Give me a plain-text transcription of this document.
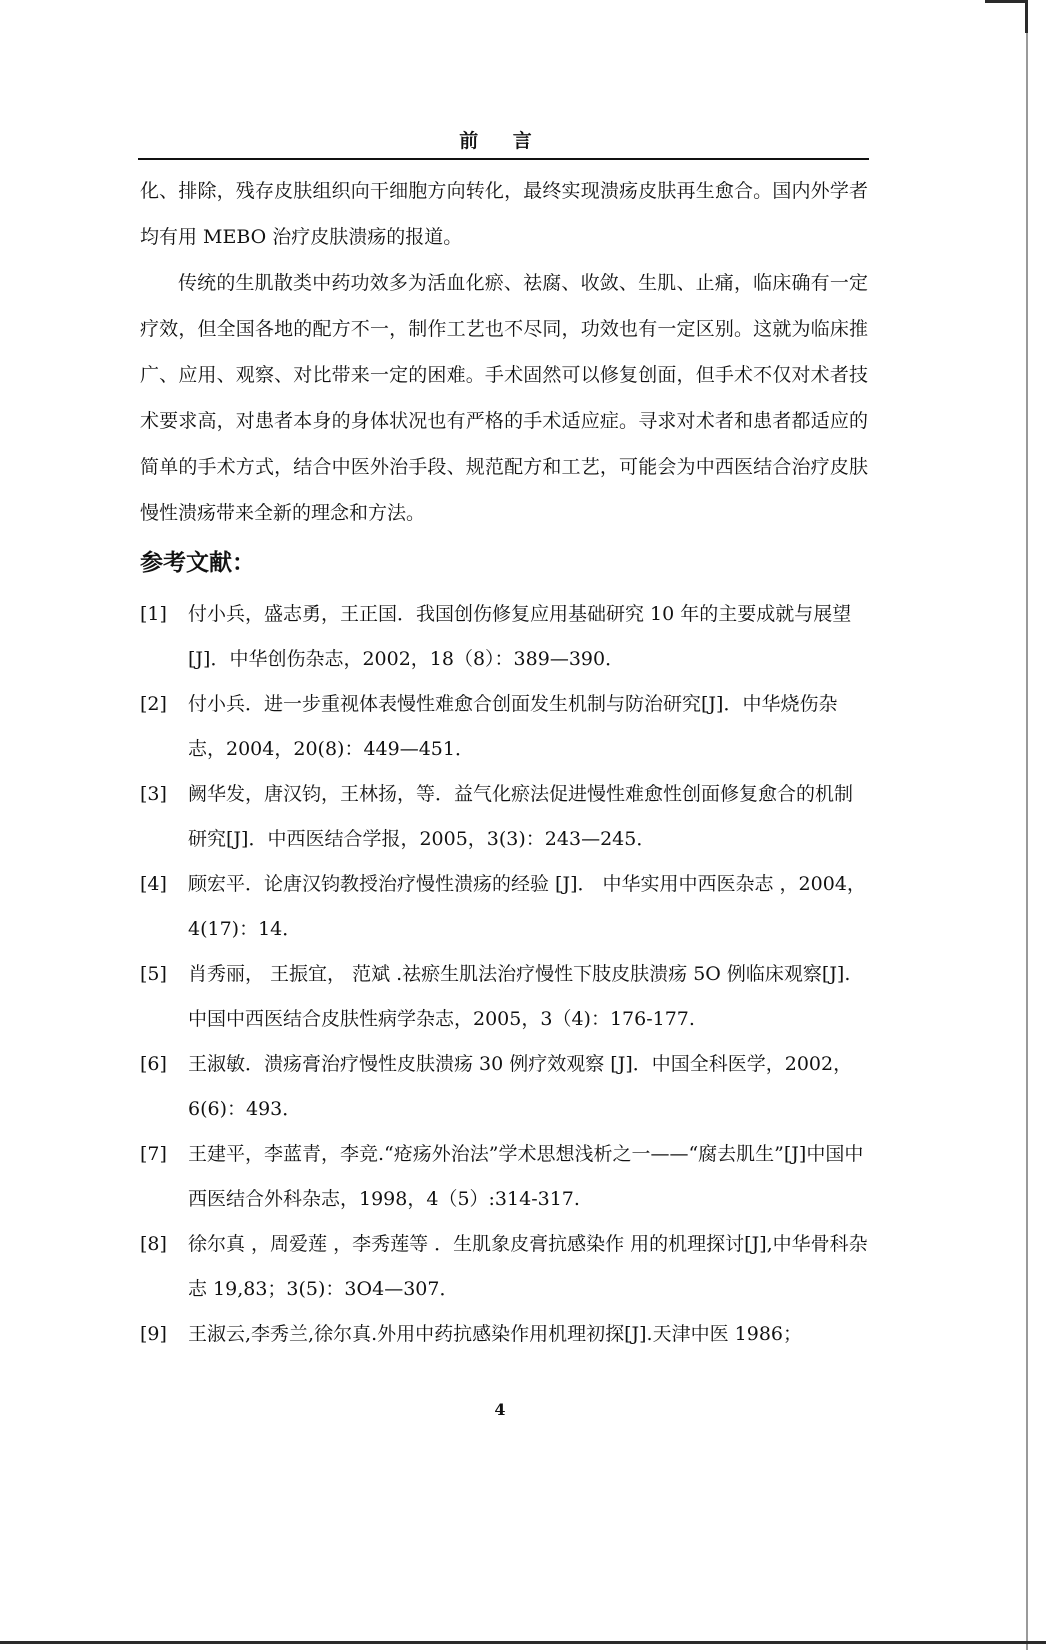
前 言

化、排除，残存皮肤组织向干细胞方向转化，最终实现溃疡皮肤再生愈合。国内外学者均有用 MEBO 治疗皮肤溃疡的报道。

传统的生肌散类中药功效多为活血化瘀、祛腐、收敛、生肌、止痛，临床确有一定疗效，但全国各地的配方不一，制作工艺也不尽同，功效也有一定区别。这就为临床推广、应用、观察、对比带来一定的困难。手术固然可以修复创面，但手术不仅对术者技术要求高，对患者本身的身体状况也有严格的手术适应症。寻求对术者和患者都适应的简单的手术方式，结合中医外治手段、规范配方和工艺，可能会为中西医结合治疗皮肤慢性溃疡带来全新的理念和方法。

参考文献：
[1] 付小兵，盛志勇，王正国．我国创伤修复应用基础研究 10 年的主要成就与展望[J]．中华创伤杂志，2002，18（8）：389—390．
[2] 付小兵．进一步重视体表慢性难愈合创面发生机制与防治研究[J]．中华烧伤杂志，2004，20(8)：449—451．
[3] 阙华发，唐汉钧，王林扬，等．益气化瘀法促进慢性难愈性创面修复愈合的机制研究[J]．中西医结合学报，2005，3(3)：243—245．
[4] 顾宏平．论唐汉钧教授治疗慢性溃疡的经验 [J]． 中华实用中西医杂志 ，2004，4(17)：14．
[5] 肖秀丽， 王振宜， 范斌 .祛瘀生肌法治疗慢性下肢皮肤溃疡 5O 例临床观察[J].中国中西医结合皮肤性病学杂志，2005，3（4)：176-177.
[6] 王淑敏．溃疡膏治疗慢性皮肤溃疡 30 例疗效观察 [J]．中国全科医学，2002，6(6)：493．
[7] 王建平，李蓝青，李竞.“疮疡外治法”学术思想浅析之一——“腐去肌生”[J]中国中西医结合外科杂志，1998，4（5）:314-317.
[8] 徐尔真 ，周爱莲 ，李秀莲等 ．生肌象皮膏抗感染作 用的机理探讨[J],中华骨科杂志 19,83；3(5)：3O4—307．
[9] 王淑云,李秀兰,徐尔真.外用中药抗感染作用机理初探[J].天津中医 1986；
4
